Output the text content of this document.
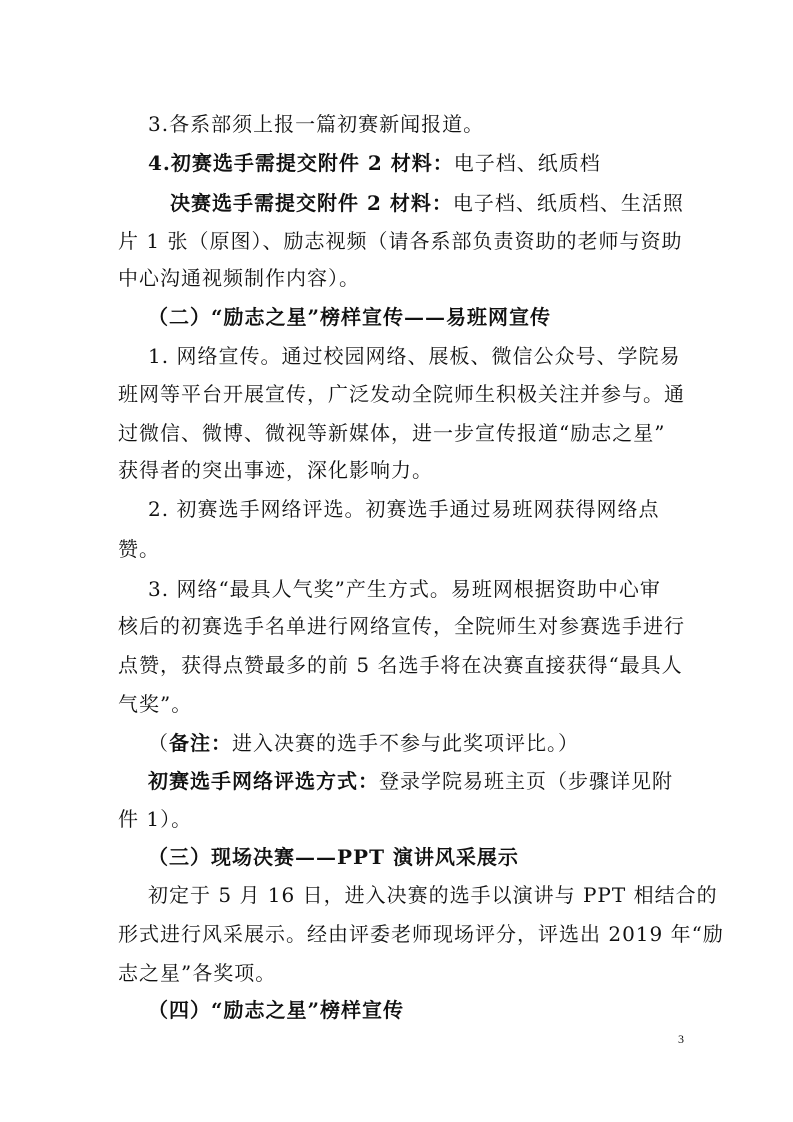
3.各系部须上报一篇初赛新闻报道。
4.初赛选手需提交附件 2 材料：电子档、纸质档
决赛选手需提交附件 2 材料：电子档、纸质档、生活照
片 1 张（原图）、励志视频（请各系部负责资助的老师与资助
中心沟通视频制作内容）。
（二）“励志之星”榜样宣传——易班网宣传
1. 网络宣传。通过校园网络、展板、微信公众号、学院易
班网等平台开展宣传，广泛发动全院师生积极关注并参与。通
过微信、微博、微视等新媒体，进一步宣传报道“励志之星”
获得者的突出事迹，深化影响力。
2. 初赛选手网络评选。初赛选手通过易班网获得网络点
赞。
3. 网络“最具人气奖”产生方式。易班网根据资助中心审
核后的初赛选手名单进行网络宣传，全院师生对参赛选手进行
点赞，获得点赞最多的前 5 名选手将在决赛直接获得“最具人
气奖”。
（备注：进入决赛的选手不参与此奖项评比。）
初赛选手网络评选方式：登录学院易班主页（步骤详见附
件 1）。
（三）现场决赛——PPT 演讲风采展示
初定于 5 月 16 日，进入决赛的选手以演讲与 PPT 相结合的
形式进行风采展示。经由评委老师现场评分，评选出 2019 年“励
志之星”各奖项。
（四）“励志之星”榜样宣传
3
